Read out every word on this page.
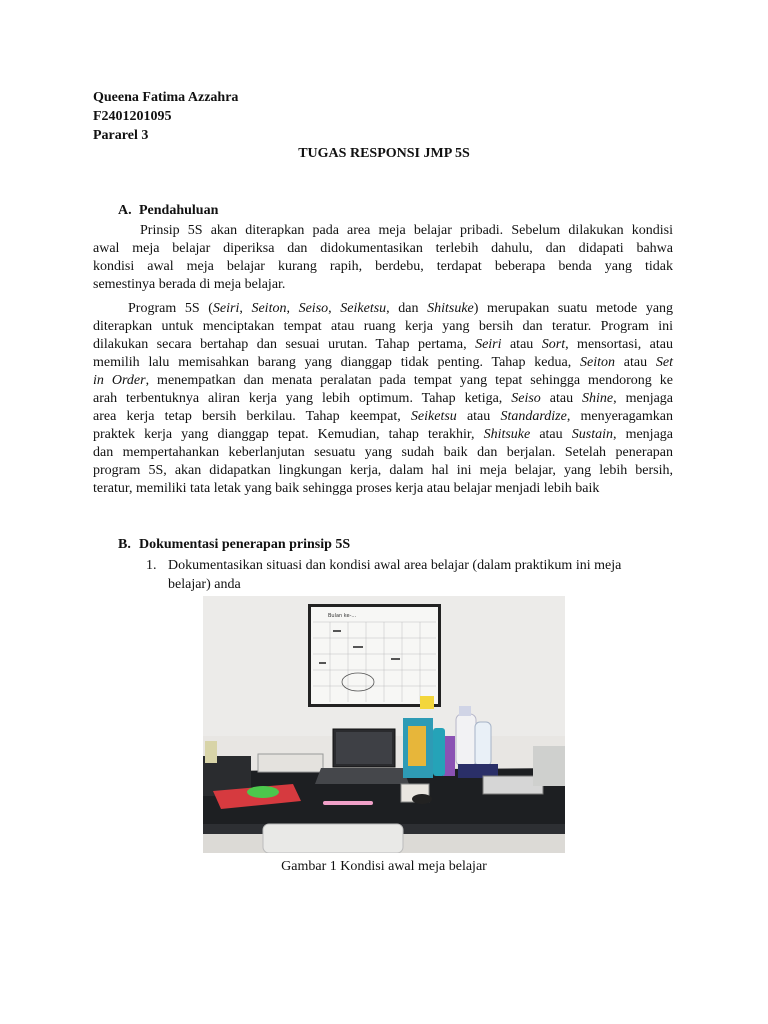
Queena Fatima Azzahra
F2401201095
Pararel 3
TUGAS RESPONSI JMP 5S
A. Pendahuluan
Prinsip 5S akan diterapkan pada area meja belajar pribadi. Sebelum dilakukan kondisi
awal meja belajar diperiksa dan didokumentasikan terlebih dahulu, dan didapati bahwa
kondisi awal meja belajar kurang rapih, berdebu, terdapat beberapa benda yang tidak
semestinya berada di meja belajar.
Program 5S (Seiri, Seiton, Seiso, Seiketsu, dan Shitsuke) merupakan suatu metode yang
diterapkan untuk menciptakan tempat atau ruang kerja yang bersih dan teratur. Program ini
dilakukan secara bertahap dan sesuai urutan. Tahap pertama, Seiri atau Sort, mensortasi, atau
memilih lalu memisahkan barang yang dianggap tidak penting. Tahap kedua, Seiton atau Set
in Order, menempatkan dan menata peralatan pada tempat yang tepat sehingga mendorong ke
arah terbentuknya aliran kerja yang lebih optimum. Tahap ketiga, Seiso atau Shine, menjaga
area kerja tetap bersih berkilau. Tahap keempat, Seiketsu atau Standardize, menyeragamkan
praktek kerja yang dianggap tepat. Kemudian, tahap terakhir, Shitsuke atau Sustain, menjaga
dan mempertahankan keberlanjutan sesuatu yang sudah baik dan berjalan. Setelah penerapan
program 5S, akan didapatkan lingkungan kerja, dalam hal ini meja belajar, yang lebih bersih,
teratur, memiliki tata letak yang baik sehingga proses kerja atau belajar menjadi lebih baik
B. Dokumentasi penerapan prinsip 5S
1. Dokumentasikan situasi dan kondisi awal area belajar (dalam praktikum ini meja
belajar) anda
Bulan ke-...
Gambar 1 Kondisi awal meja belajar
